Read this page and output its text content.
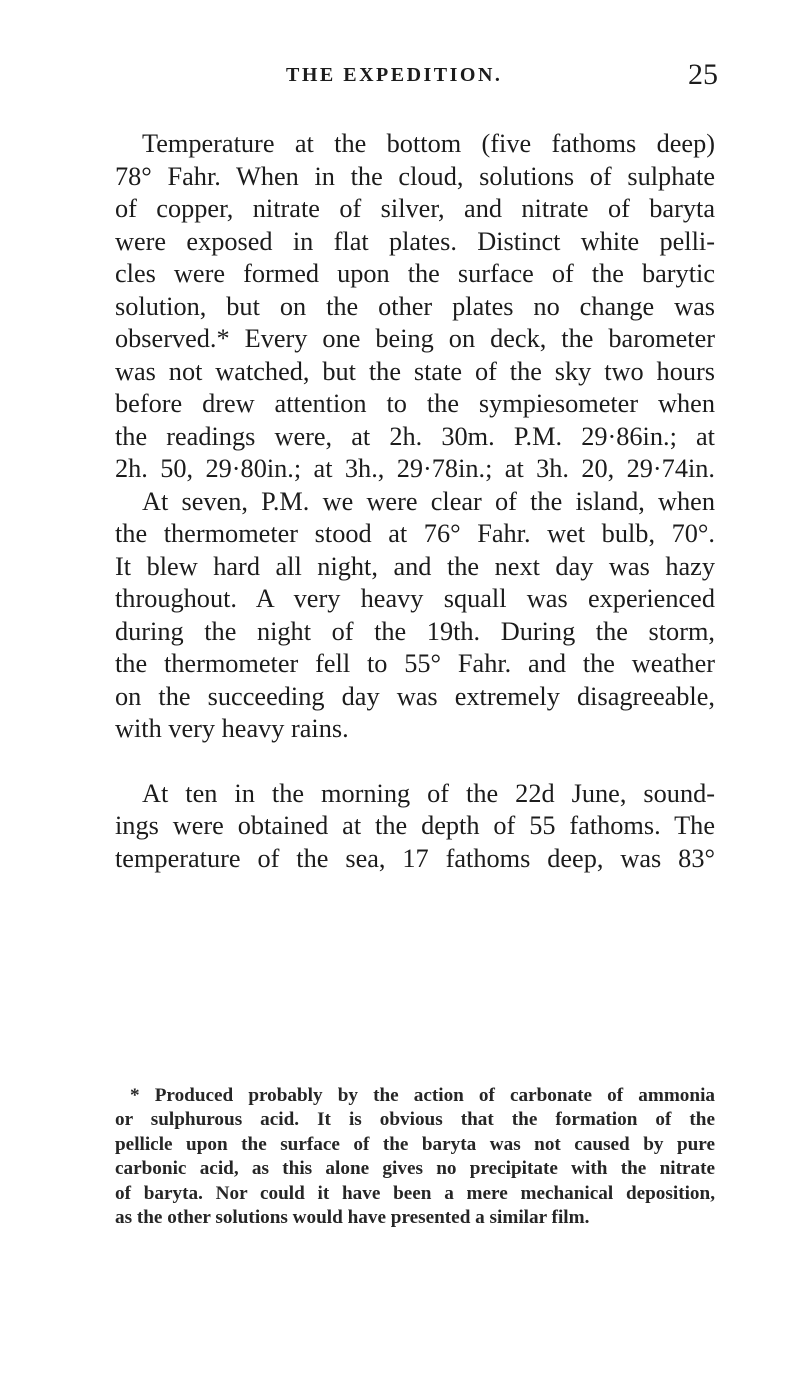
THE EXPEDITION.	25
Temperature at the bottom (five fathoms deep)
78° Fahr. When in the cloud, solutions of sulphate
of copper, nitrate of silver, and nitrate of baryta
were exposed in flat plates. Distinct white pelli-
cles were formed upon the surface of the barytic
solution, but on the other plates no change was
observed.* Every one being on deck, the barometer
was not watched, but the state of the sky two hours
before drew attention to the sympiesometer when
the readings were, at 2h. 30m. P.M. 29·86in.; at
2h. 50, 29·80in.; at 3h., 29·78in.; at 3h. 20, 29·74in.
At seven, P.M. we were clear of the island, when
the thermometer stood at 76° Fahr. wet bulb, 70°.
It blew hard all night, and the next day was hazy
throughout. A very heavy squall was experienced
during the night of the 19th. During the storm,
the thermometer fell to 55° Fahr. and the weather
on the succeeding day was extremely disagreeable,
with very heavy rains.
At ten in the morning of the 22d June, sound-
ings were obtained at the depth of 55 fathoms. The
temperature of the sea, 17 fathoms deep, was 83°
* Produced probably by the action of carbonate of ammonia
or sulphurous acid. It is obvious that the formation of the
pellicle upon the surface of the baryta was not caused by pure
carbonic acid, as this alone gives no precipitate with the nitrate
of baryta. Nor could it have been a mere mechanical deposition,
as the other solutions would have presented a similar film.
